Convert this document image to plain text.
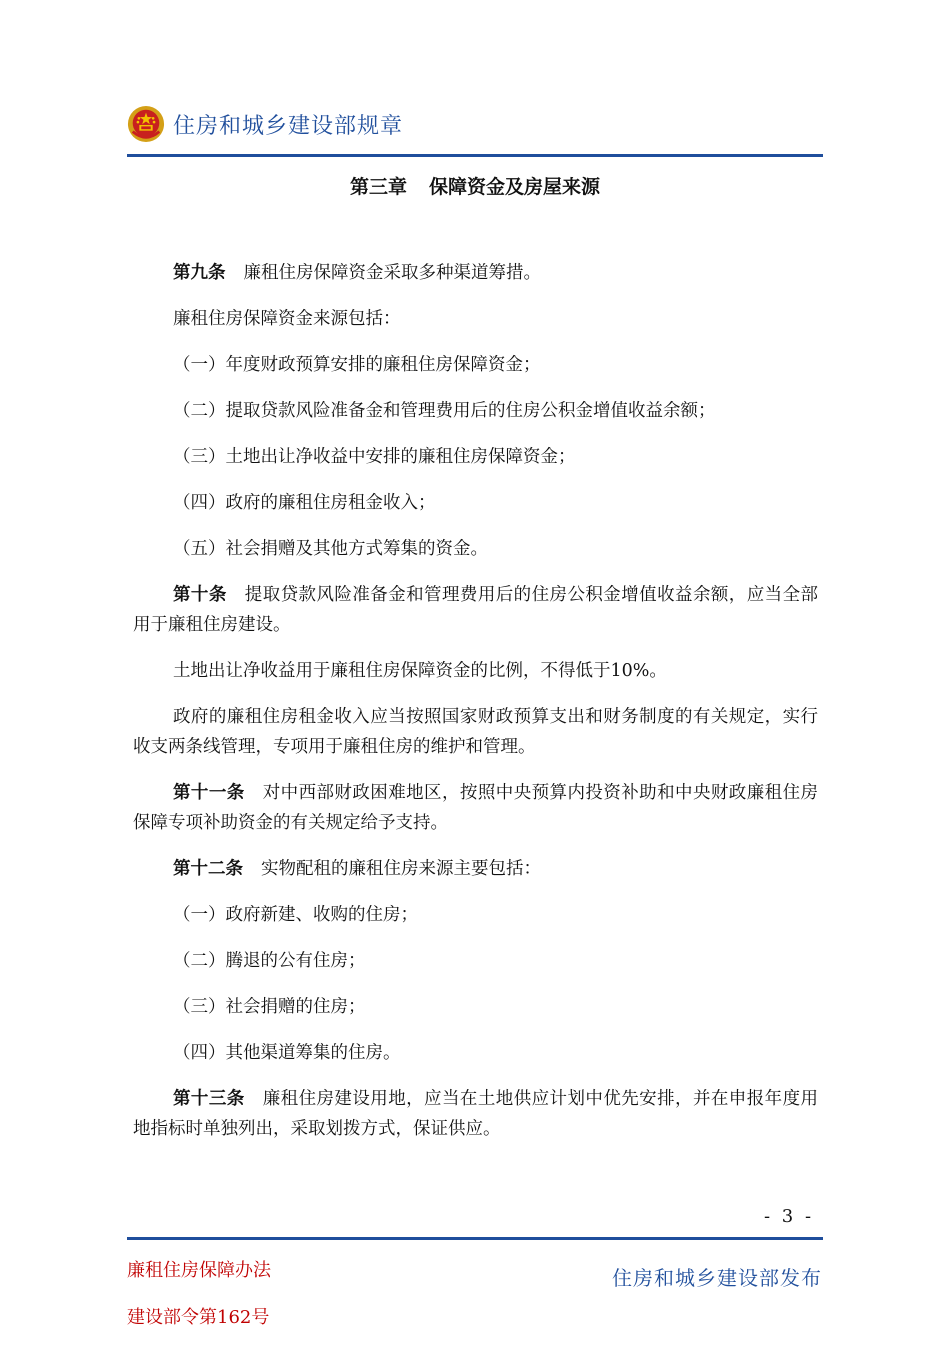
住房和城乡建设部规章
第三章 保障资金及房屋来源

第九条 廉租住房保障资金采取多种渠道筹措。

廉租住房保障资金来源包括：

（一）年度财政预算安排的廉租住房保障资金；

（二）提取贷款风险准备金和管理费用后的住房公积金增值收益余额；

（三）土地出让净收益中安排的廉租住房保障资金；

（四）政府的廉租住房租金收入；

（五）社会捐赠及其他方式筹集的资金。

第十条 提取贷款风险准备金和管理费用后的住房公积金增值收益余额，应当全部用于廉租住房建设。

土地出让净收益用于廉租住房保障资金的比例，不得低于10%。

政府的廉租住房租金收入应当按照国家财政预算支出和财务制度的有关规定，实行收支两条线管理，专项用于廉租住房的维护和管理。

第十一条 对中西部财政困难地区，按照中央预算内投资补助和中央财政廉租住房保障专项补助资金的有关规定给予支持。

第十二条 实物配租的廉租住房来源主要包括：

（一）政府新建、收购的住房；

（二）腾退的公有住房；

（三）社会捐赠的住房；

（四）其他渠道筹集的住房。

第十三条 廉租住房建设用地，应当在土地供应计划中优先安排，并在申报年度用地指标时单独列出，采取划拨方式，保证供应。

- 3 -
廉租住房保障办法
建设部令第162号
住房和城乡建设部发布
